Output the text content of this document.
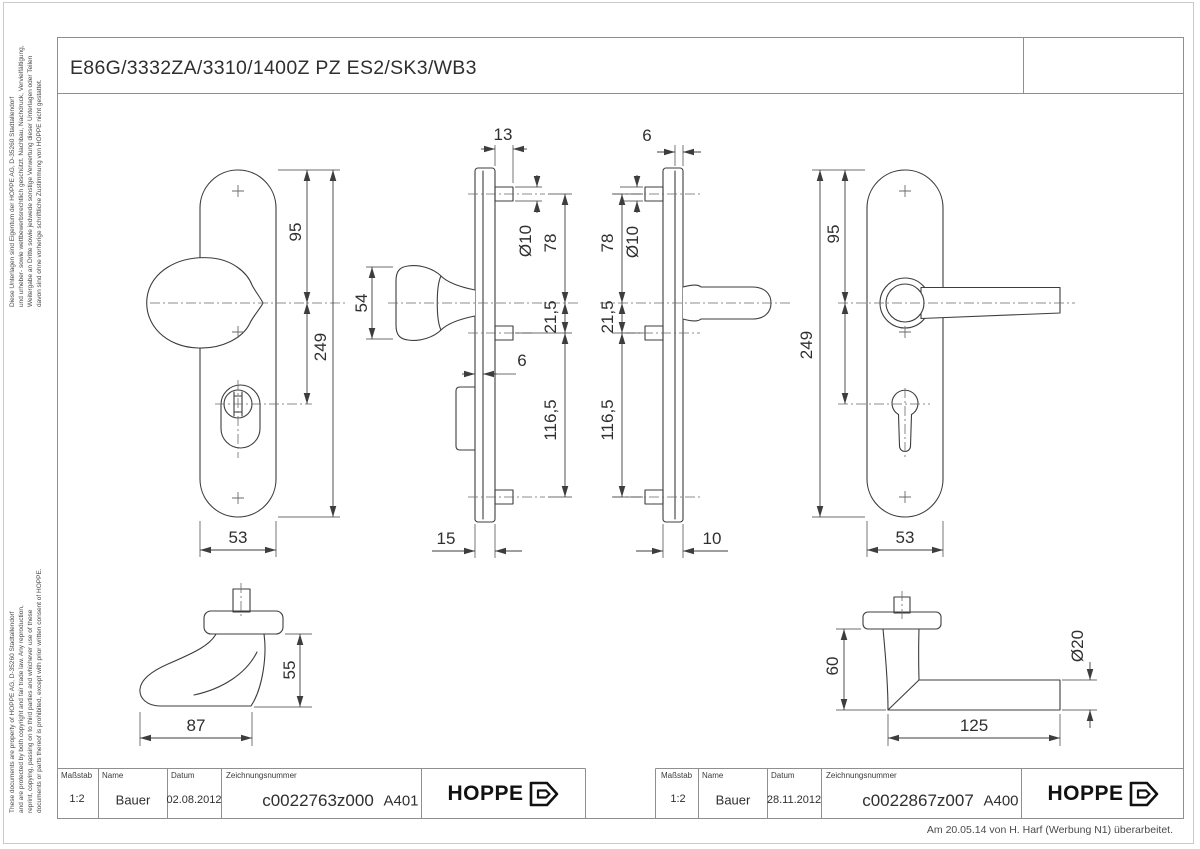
E86G/3332ZA/3310/1400Z PZ ES2/SK3/WB3
Diese Unterlagen sind Eigentum der HOPPE AG, D-35260 Stadtallendorf und urheber- sowie wettbewerbsrechtlich geschützt. Nachbau, Nachdruck, Vervielfältigung, Weitergabe an Dritte sowie jedwede sonstige Verwertung dieser Unterlagen oder Teilen davon sind ohne vorherige schriftliche Zustimmung von HOPPE nicht gestattet.
These documents are property of HOPPE AG, D-35260 Stadtallendorf and are protected by both copyright and fair trade law. Any reproduction, reprint, copying, passing on to third parties and whichever use of these documents or parts thereof is prohibited, except with prior written consent of HOPPE.
95
249
53
54
13
Ø10 78
21,5
6
116,5
15
6
Ø10
78
21,5
116,5
10
95
249
53
55
87
60
125
Ø20
Maßstab
1:2
Name
Bauer
Datum
02.08.2012
Zeichnungsnummer
c0022763z000 A401 HOPPE
Maßstab
1:2
Name
Bauer
Datum
28.11.2012
Zeichnungsnummer
c0022867z007 A400 HOPPE
Am 20.05.14 von H. Harf (Werbung N1) überarbeitet.
